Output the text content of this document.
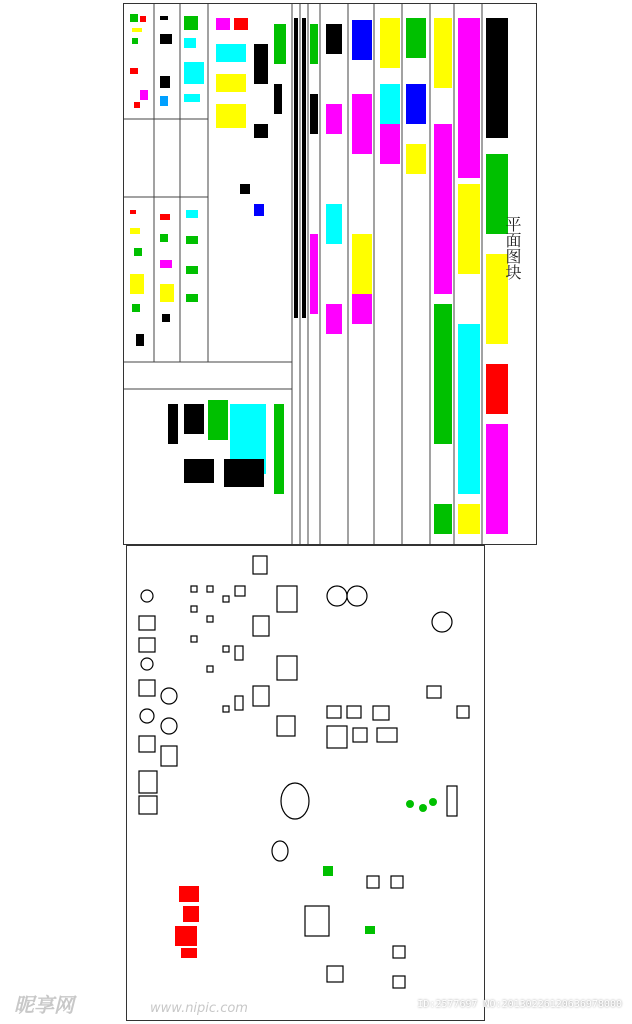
平面图块
昵享网	www.nipic.com	ID:2577697 NO:20130226120636978000
